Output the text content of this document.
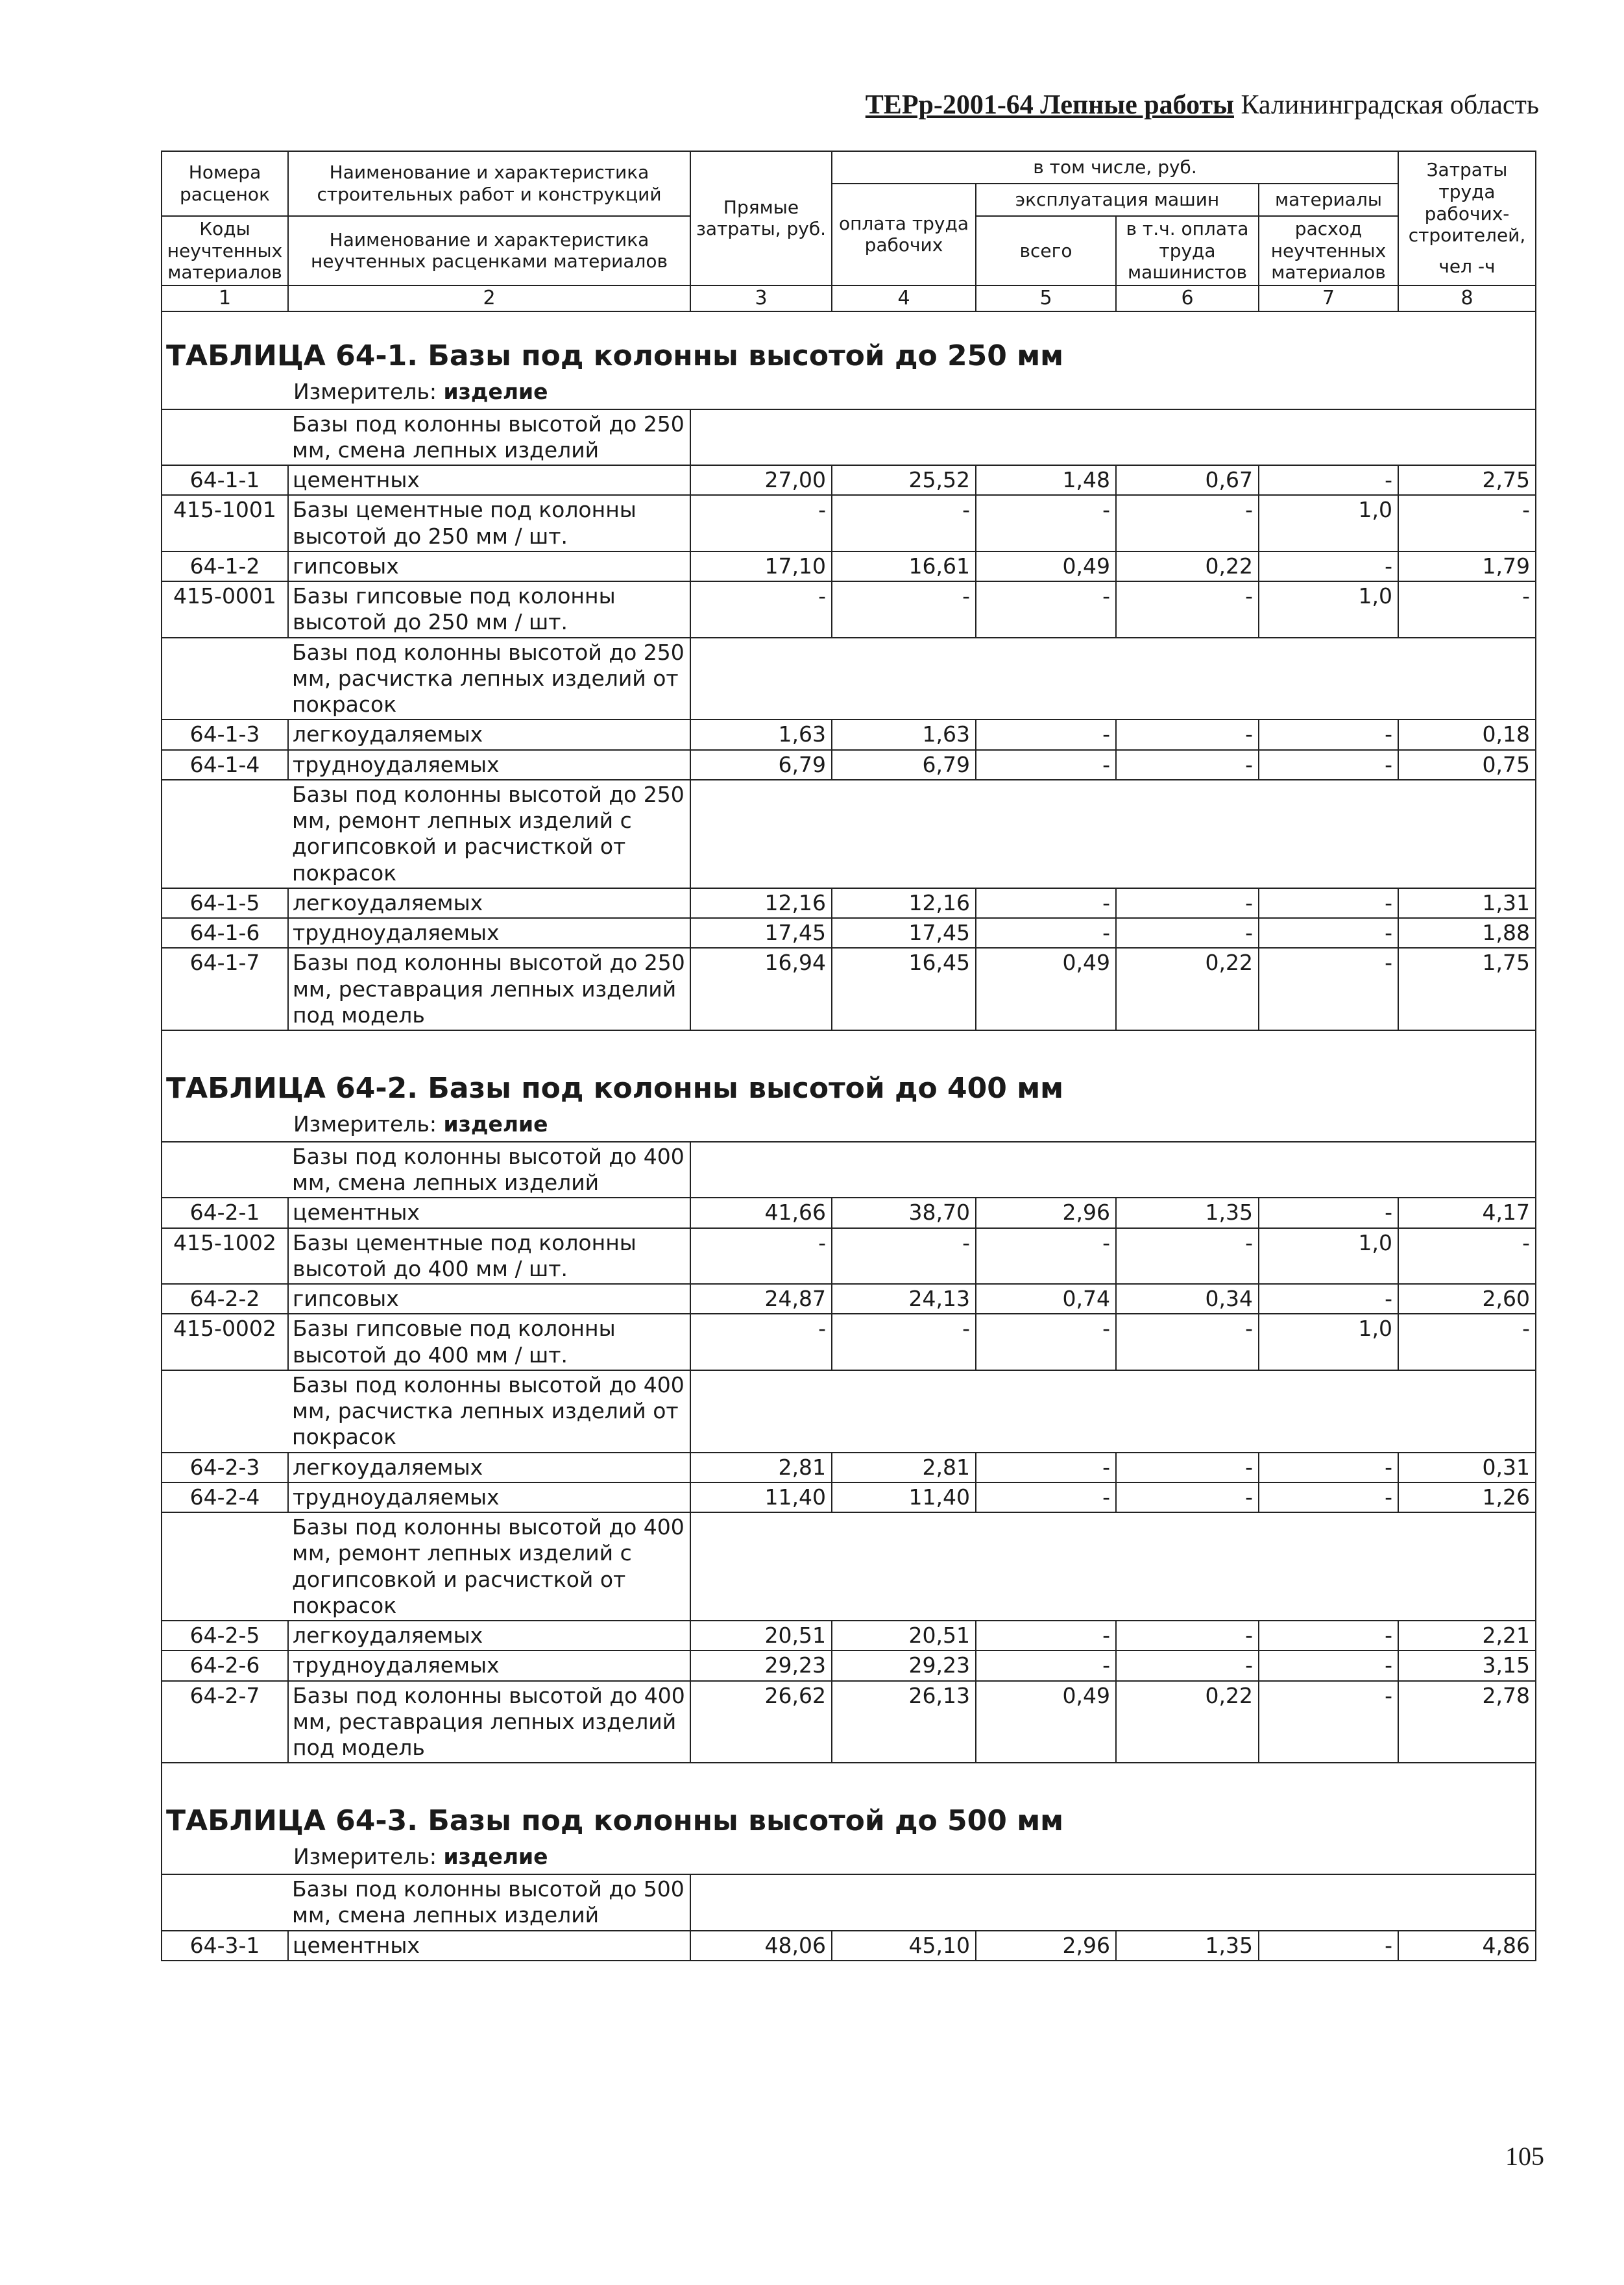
ТЕРр-2001-64 Лепные работы Калининградская область
Номера расценок	Наименование и характеристика строительных работ и конструкций	Прямые затраты, руб.	в том числе, руб.				Затраты труда рабочих-строителей,
чел -ч

			оплата труда рабочих	эксплуатация машин		материалы	
Коды неучтенных материалов	Наименование и характеристика неучтенных расценками материалов			всего	в т.ч. оплата труда машинистов	расход неучтенных материалов	

1	2	3	4	5	6	7	8
ТАБЛИЦА 64-1. Базы под колонны высотой до 250 мм							
Измеритель: изделие							
	Базы под колонны высотой до 250 мм, смена лепных изделий						
64-1-1	цементных	27,00	25,52	1,48	0,67	-	2,75
415-1001	Базы цементные под колонны высотой до 250 мм / шт.	-	-	-	-	1,0	-
64-1-2	гипсовых	17,10	16,61	0,49	0,22	-	1,79
415-0001	Базы гипсовые под колонны высотой до 250 мм / шт.	-	-	-	-	1,0	-
	Базы под колонны высотой до 250 мм, расчистка лепных изделий от покрасок						
64-1-3	легкоудаляемых	1,63	1,63	-	-	-	0,18
64-1-4	трудноудаляемых	6,79	6,79	-	-	-	0,75
	Базы под колонны высотой до 250 мм, ремонт лепных изделий с догипсовкой и расчисткой от покрасок						
64-1-5	легкоудаляемых	12,16	12,16	-	-	-	1,31
64-1-6	трудноудаляемых	17,45	17,45	-	-	-	1,88
64-1-7	Базы под колонны высотой до 250 мм, реставрация лепных изделий под модель	16,94	16,45	0,49	0,22	-	1,75
ТАБЛИЦА 64-2. Базы под колонны высотой до 400 мм							
Измеритель: изделие							
	Базы под колонны высотой до 400 мм, смена лепных изделий						
64-2-1	цементных	41,66	38,70	2,96	1,35	-	4,17
415-1002	Базы цементные под колонны высотой до 400 мм / шт.	-	-	-	-	1,0	-
64-2-2	гипсовых	24,87	24,13	0,74	0,34	-	2,60
415-0002	Базы гипсовые под колонны высотой до 400 мм / шт.	-	-	-	-	1,0	-
	Базы под колонны высотой до 400 мм, расчистка лепных изделий от покрасок						
64-2-3	легкоудаляемых	2,81	2,81	-	-	-	0,31
64-2-4	трудноудаляемых	11,40	11,40	-	-	-	1,26
	Базы под колонны высотой до 400 мм, ремонт лепных изделий с догипсовкой и расчисткой от покрасок						
64-2-5	легкоудаляемых	20,51	20,51	-	-	-	2,21
64-2-6	трудноудаляемых	29,23	29,23	-	-	-	3,15
64-2-7	Базы под колонны высотой до 400 мм, реставрация лепных изделий под модель	26,62	26,13	0,49	0,22	-	2,78
ТАБЛИЦА 64-3. Базы под колонны высотой до 500 мм							
Измеритель: изделие							
	Базы под колонны высотой до 500 мм, смена лепных изделий						
64-3-1	цементных	48,06	45,10	2,96	1,35	-	4,86
105
